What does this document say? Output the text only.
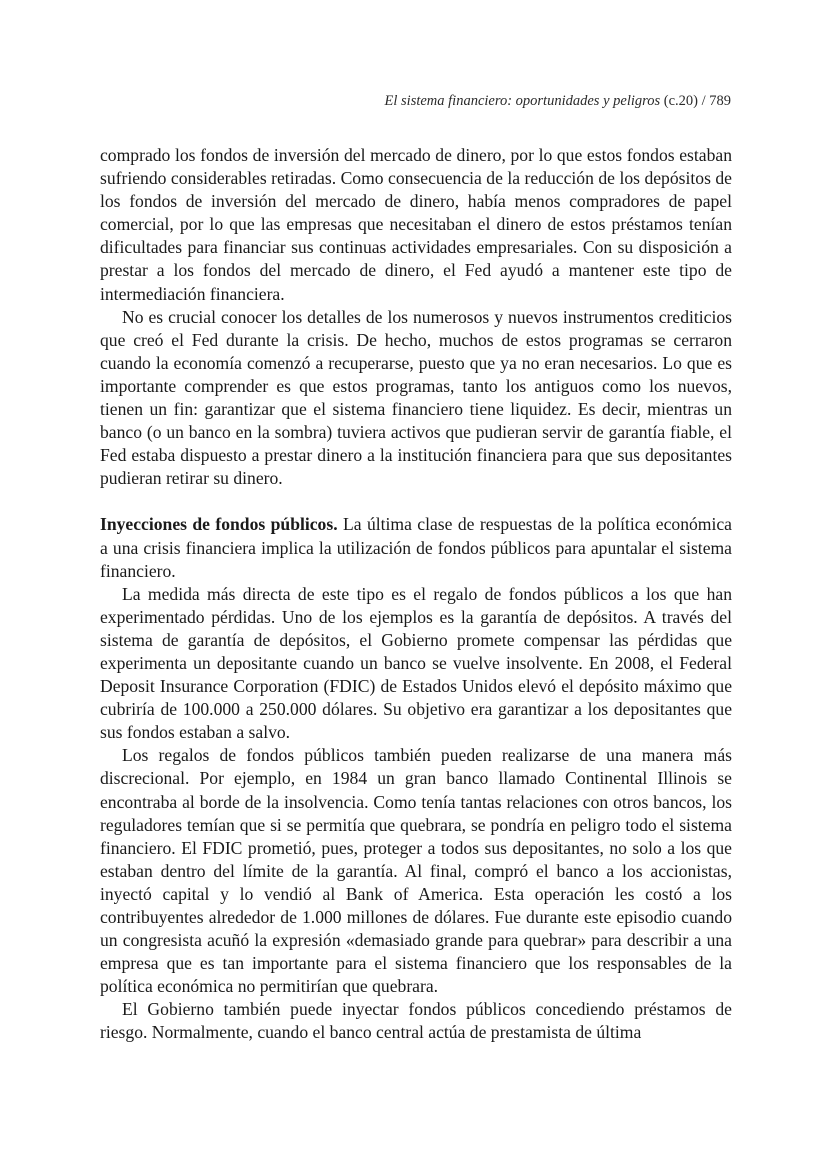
El sistema financiero: oportunidades y peligros (c.20) / 789

comprado los fondos de inversión del mercado de dinero, por lo que estos fondos estaban sufriendo considerables retiradas. Como consecuencia de la reducción de los depósitos de los fondos de inversión del mercado de dinero, había menos compradores de papel comercial, por lo que las empresas que necesitaban el dinero de estos préstamos tenían dificultades para financiar sus continuas actividades empresariales. Con su disposición a prestar a los fondos del mercado de dinero, el Fed ayudó a mantener este tipo de intermediación financiera.

No es crucial conocer los detalles de los numerosos y nuevos instrumentos crediticios que creó el Fed durante la crisis. De hecho, muchos de estos programas se cerraron cuando la economía comenzó a recuperarse, puesto que ya no eran necesarios. Lo que es importante comprender es que estos programas, tanto los antiguos como los nuevos, tienen un fin: garantizar que el sistema financiero tiene liquidez. Es decir, mientras un banco (o un banco en la sombra) tuviera activos que pudieran servir de garantía fiable, el Fed estaba dispuesto a prestar dinero a la institución financiera para que sus depositantes pudieran retirar su dinero.

Inyecciones de fondos públicos. La última clase de respuestas de la política económica a una crisis financiera implica la utilización de fondos públicos para apuntalar el sistema financiero.

La medida más directa de este tipo es el regalo de fondos públicos a los que han experimentado pérdidas. Uno de los ejemplos es la garantía de depósitos. A través del sistema de garantía de depósitos, el Gobierno promete compensar las pérdidas que experimenta un depositante cuando un banco se vuelve insolvente. En 2008, el Federal Deposit Insurance Corporation (FDIC) de Estados Unidos elevó el depósito máximo que cubriría de 100.000 a 250.000 dólares. Su objetivo era garantizar a los depositantes que sus fondos estaban a salvo.

Los regalos de fondos públicos también pueden realizarse de una manera más discrecional. Por ejemplo, en 1984 un gran banco llamado Continental Illinois se encontraba al borde de la insolvencia. Como tenía tantas relaciones con otros bancos, los reguladores temían que si se permitía que quebrara, se pondría en peligro todo el sistema financiero. El FDIC prometió, pues, proteger a todos sus depositantes, no solo a los que estaban dentro del límite de la garantía. Al final, compró el banco a los accionistas, inyectó capital y lo vendió al Bank of America. Esta operación les costó a los contribuyentes alrededor de 1.000 millones de dólares. Fue durante este episodio cuando un congresista acuñó la expresión «demasiado grande para quebrar» para describir a una empresa que es tan importante para el sistema financiero que los responsables de la política económica no permitirían que quebrara.

El Gobierno también puede inyectar fondos públicos concediendo préstamos de riesgo. Normalmente, cuando el banco central actúa de prestamista de última
